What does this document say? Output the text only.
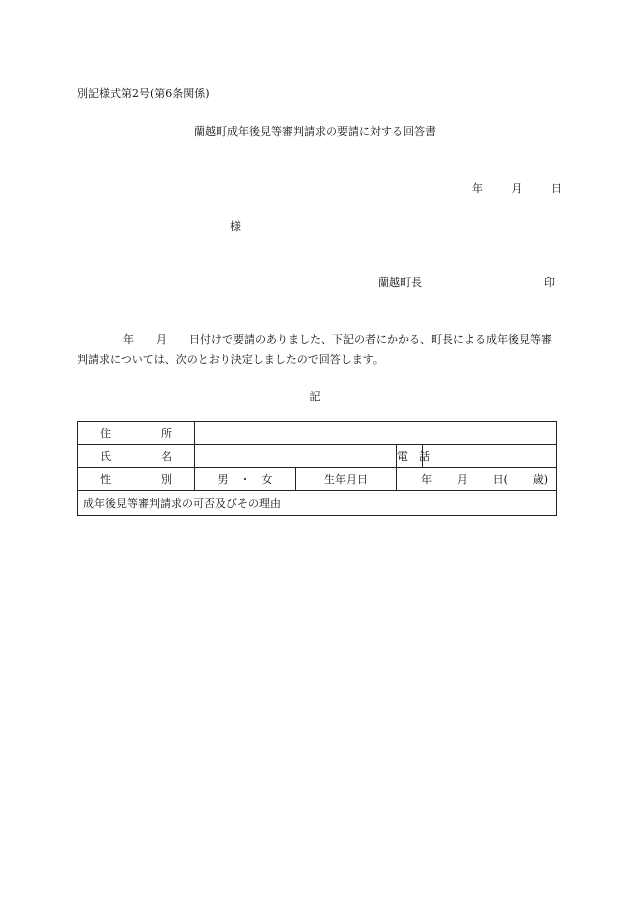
別記様式第2号(第6条関係)
蘭越町成年後見等審判請求の要請に対する回答書
年	月	日
様
蘭越町長	印
年　　月　　日付けで要請のありました、下記の者にかかる、町長による成年後見等審判請求については、次のとおり決定しましたので回答します。
記
住 所				

氏 名			電　話	

性 別	男　・　女	生年月日	年 月 日( 歳)	

成年後見等審判請求の可否及びその理由				
